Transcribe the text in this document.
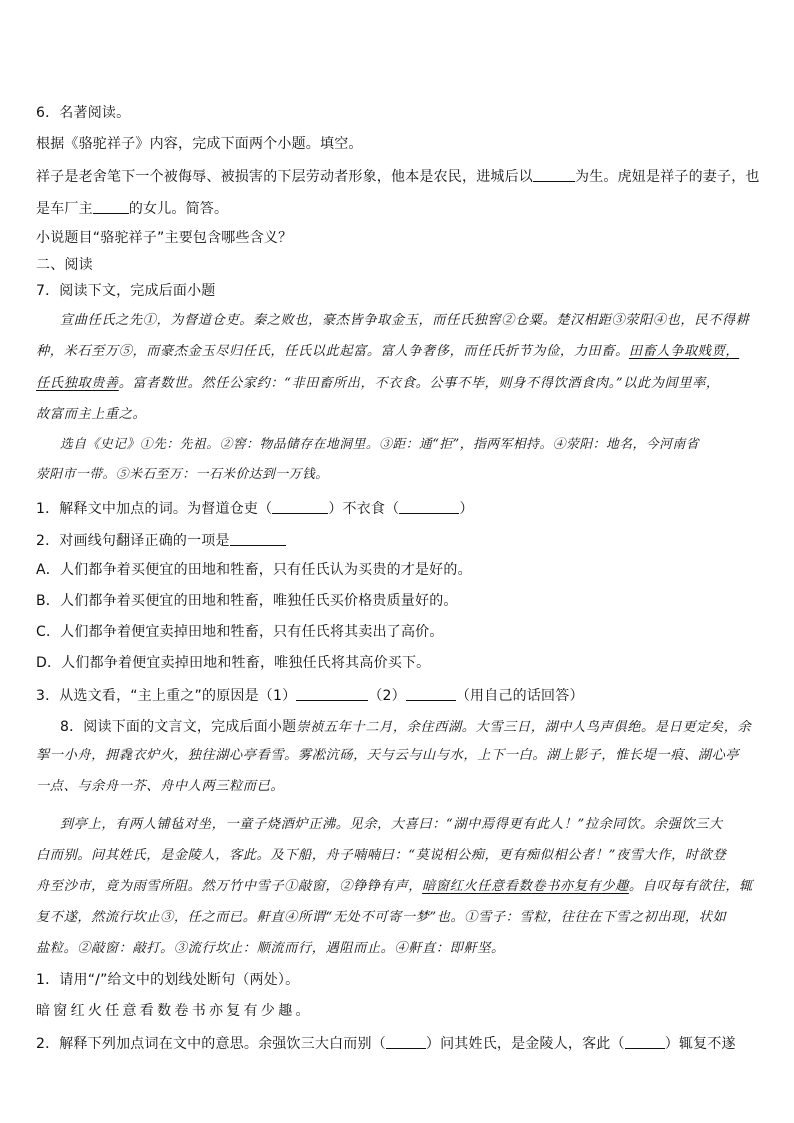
6．名著阅读。
根据《骆驼祥子》内容，完成下面两个小题。填空。
祥子是老舍笔下一个被侮辱、被损害的下层劳动者形象，他本是农民，进城后以	为生。虎妞是祥子的妻子，也
是车厂主	的女儿。简答。
小说题目“骆驼祥子”主要包含哪些含义？
二、阅读
7．阅读下文，完成后面小题
宣曲任氏之先①，为督道仓吏。秦之败也，豪杰皆争取金玉，而任氏独窖②仓粟。楚汉相距③荥阳④也，民不得耕
种，米石至万⑤，而豪杰金玉尽归任氏，任氏以此起富。富人争奢侈，而任氏折节为俭，力田畜。田畜人争取贱贾，
任氏独取贵善。富者数世。然任公家约：“非田畜所出，不衣食。公事不毕，则身不得饮酒食肉。”以此为闾里率，
故富而主上重之。
选自《史记》①先：先祖。②窖：物品储存在地洞里。③距：通“拒”，指两军相持。④荥阳：地名，今河南省
荥阳市一带。⑤米石至万：一石米价达到一万钱。
1．解释文中加点的词。为督道仓吏（	）不衣食（	）
2．对画线句翻译正确的一项是
A．人们都争着买便宜的田地和牲畜，只有任氏认为买贵的才是好的。
B．人们都争着买便宜的田地和牲畜，唯独任氏买价格贵质量好的。
C．人们都争着便宜卖掉田地和牲畜，只有任氏将其卖出了高价。
D．人们都争着便宜卖掉田地和牲畜，唯独任氏将其高价买下。
3．从选文看，“主上重之”的原因是（1）	（2）	（用自己的话回答）
8．阅读下面的文言文，完成后面小题崇祯五年十二月，余住西湖。大雪三日，湖中人鸟声俱绝。是日更定矣，余
挐一小舟，拥毳衣炉火，独往湖心亭看雪。雾凇沆砀，天与云与山与水，上下一白。湖上影子，惟长堤一痕、湖心亭
一点、与余舟一芥、舟中人两三粒而已。
到亭上，有两人铺毡对坐，一童子烧酒炉正沸。见余，大喜曰：“湖中焉得更有此人！”拉余同饮。余强饮三大
白而别。问其姓氏，是金陵人，客此。及下船，舟子喃喃曰：“莫说相公痴，更有痴似相公者！”夜雪大作，时欲登
舟至沙市，竟为雨雪所阻。然万竹中雪子①敲窗，②铮铮有声，暗窗红火任意看数卷书亦复有少趣。自叹每有欲往，辄
复不遂，然流行坎止③，任之而已。鼾直④所谓“无处不可寄一梦”也。①雪子：雪粒，往往在下雪之初出现，状如
盐粒。②敲窗：敲打。③流行坎止：顺流而行，遇阻而止。④鼾直：即鼾坚。
1．请用“/”给文中的划线处断句（两处）。
暗窗红火任意看数卷书亦复有少趣。
2．解释下列加点词在文中的意思。余强饮三大白而别（	）问其姓氏，是金陵人，客此（	）辄复不遂
